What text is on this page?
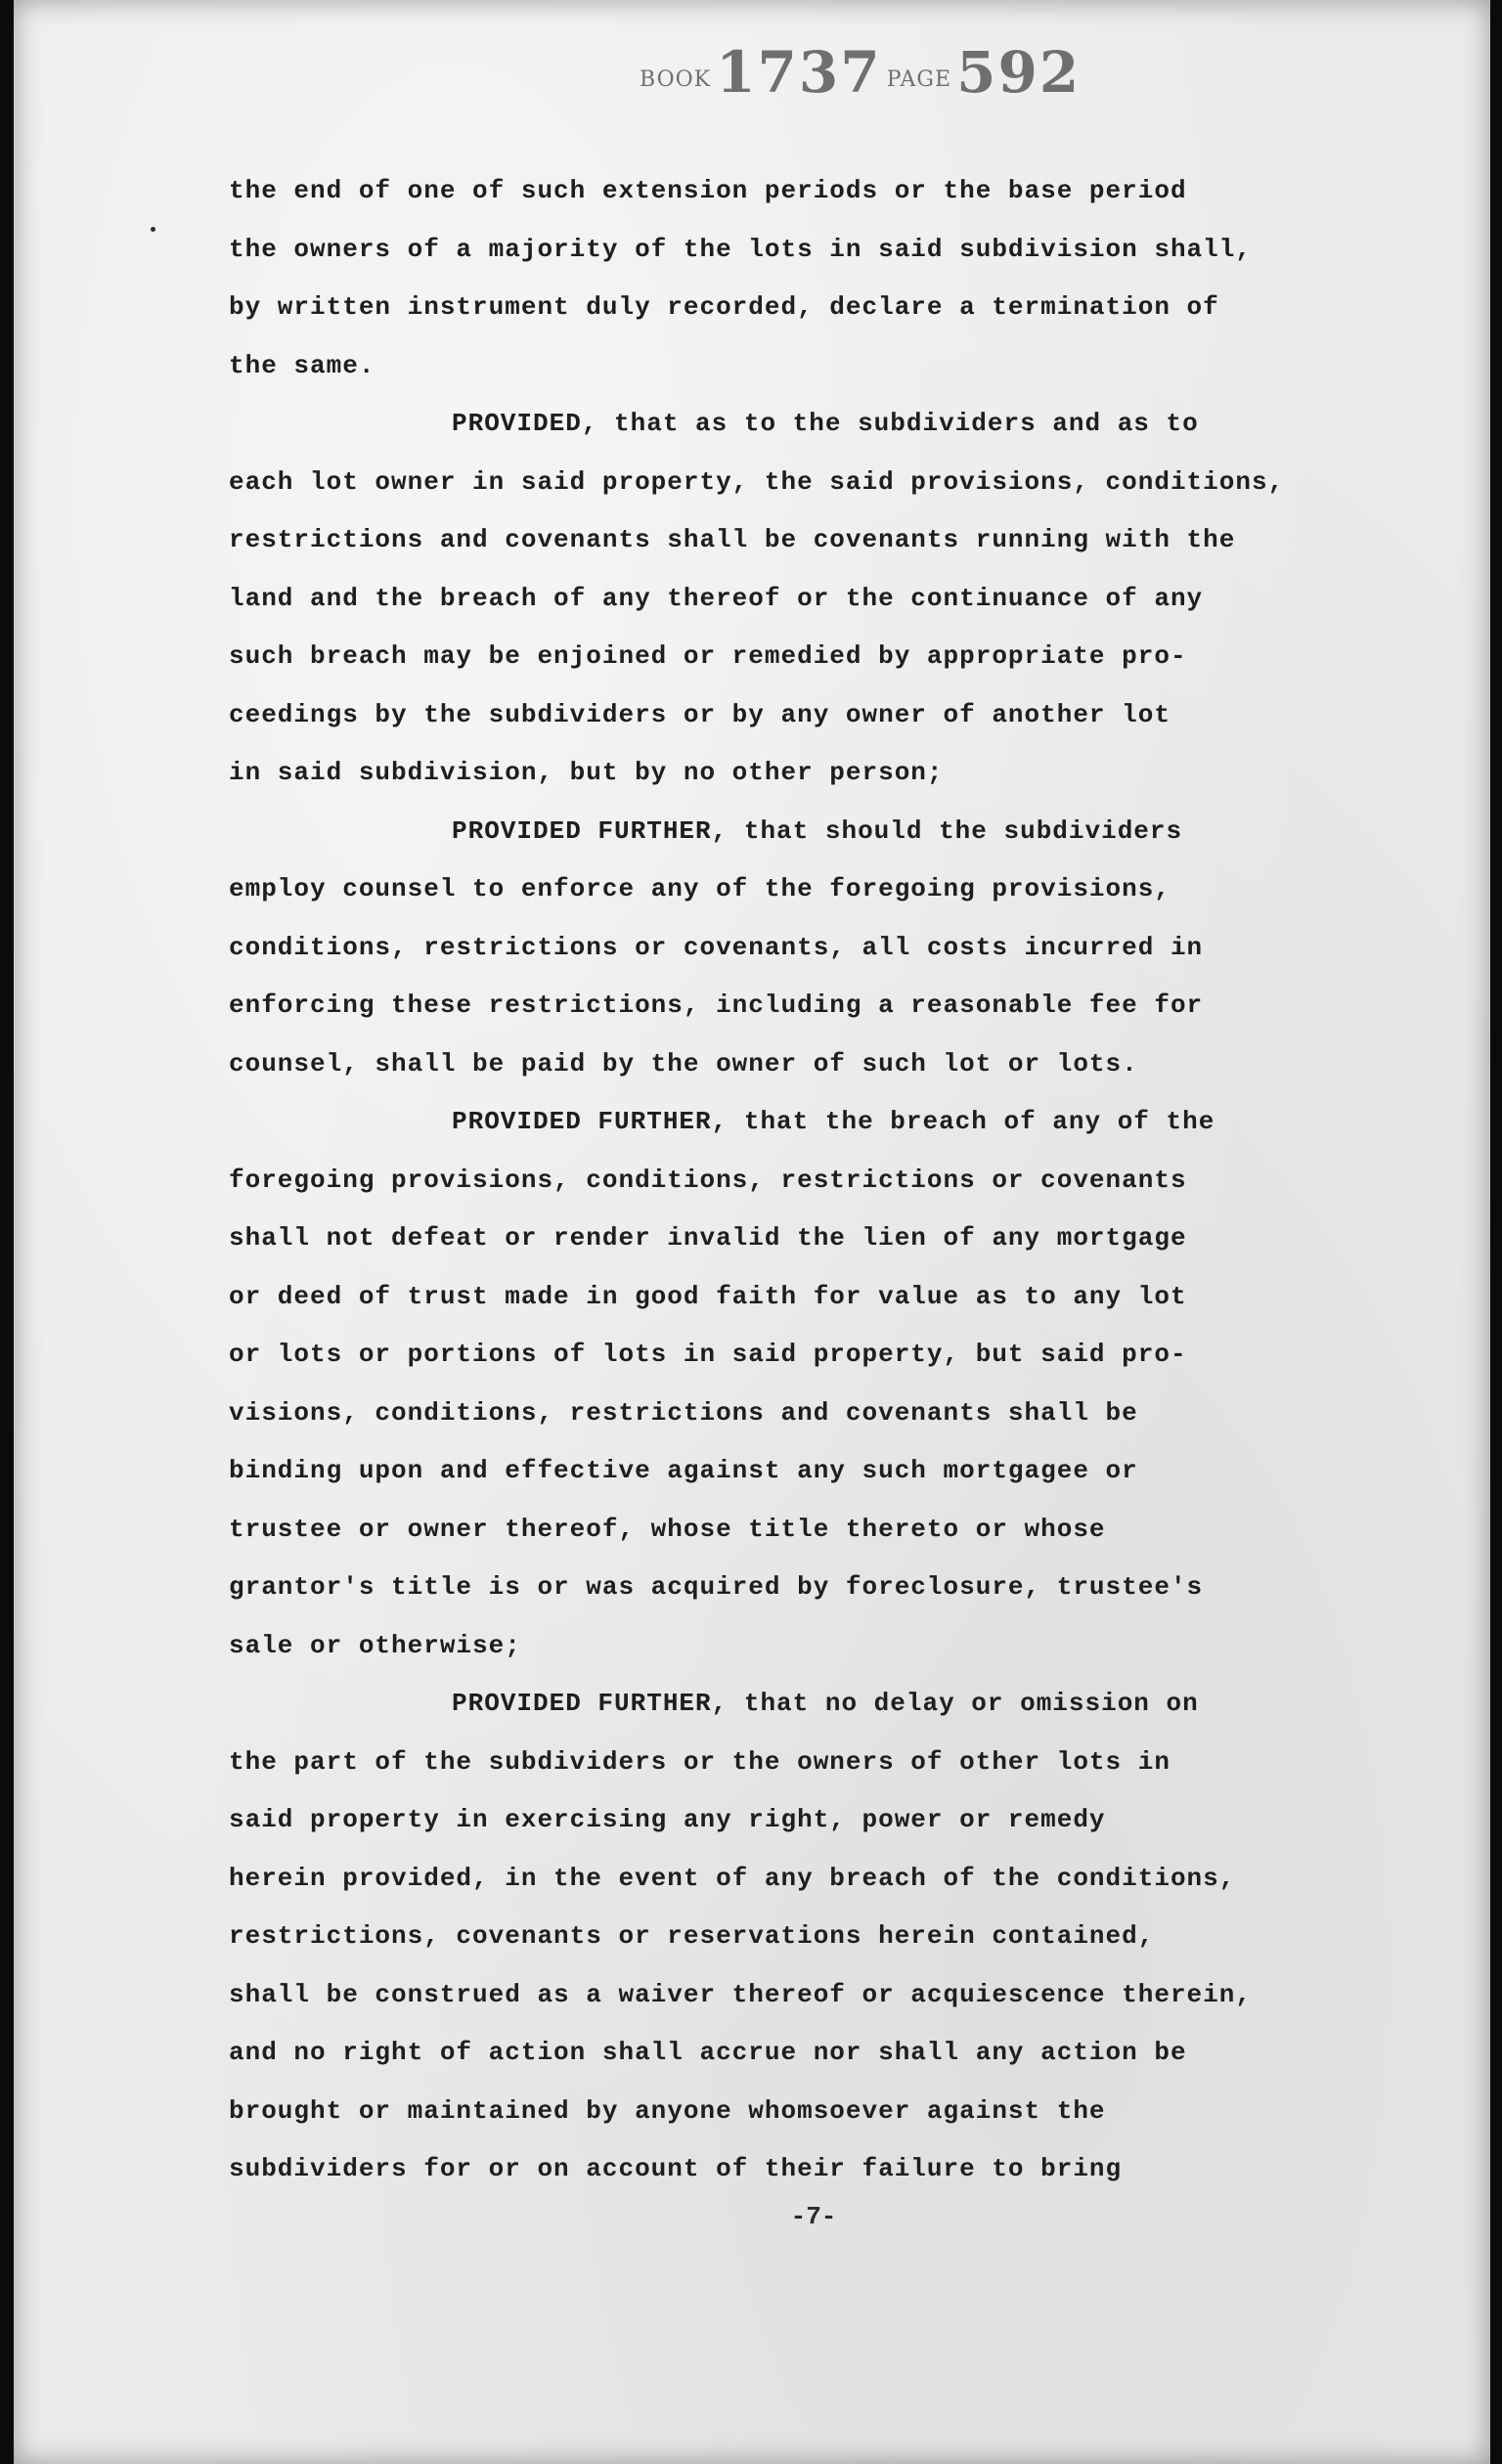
BOOK 1737 PAGE 592
the end of one of such extension periods or the base period
the owners of a majority of the lots in said subdivision shall,
by written instrument duly recorded, declare a termination of
the same.
PROVIDED, that as to the subdividers and as to
each lot owner in said property, the said provisions, conditions,
restrictions and covenants shall be covenants running with the
land and the breach of any thereof or the continuance of any
such breach may be enjoined or remedied by appropriate pro-
ceedings by the subdividers or by any owner of another lot
in said subdivision, but by no other person;
PROVIDED FURTHER, that should the subdividers
employ counsel to enforce any of the foregoing provisions,
conditions, restrictions or covenants, all costs incurred in
enforcing these restrictions, including a reasonable fee for
counsel, shall be paid by the owner of such lot or lots.
PROVIDED FURTHER, that the breach of any of the
foregoing provisions, conditions, restrictions or covenants
shall not defeat or render invalid the lien of any mortgage
or deed of trust made in good faith for value as to any lot
or lots or portions of lots in said property, but said pro-
visions, conditions, restrictions and covenants shall be
binding upon and effective against any such mortgagee or
trustee or owner thereof, whose title thereto or whose
grantor's title is or was acquired by foreclosure, trustee's
sale or otherwise;
PROVIDED FURTHER, that no delay or omission on
the part of the subdividers or the owners of other lots in
said property in exercising any right, power or remedy
herein provided, in the event of any breach of the conditions,
restrictions, covenants or reservations herein contained,
shall be construed as a waiver thereof or acquiescence therein,
and no right of action shall accrue nor shall any action be
brought or maintained by anyone whomsoever against the
subdividers for or on account of their failure to bring
-7-
